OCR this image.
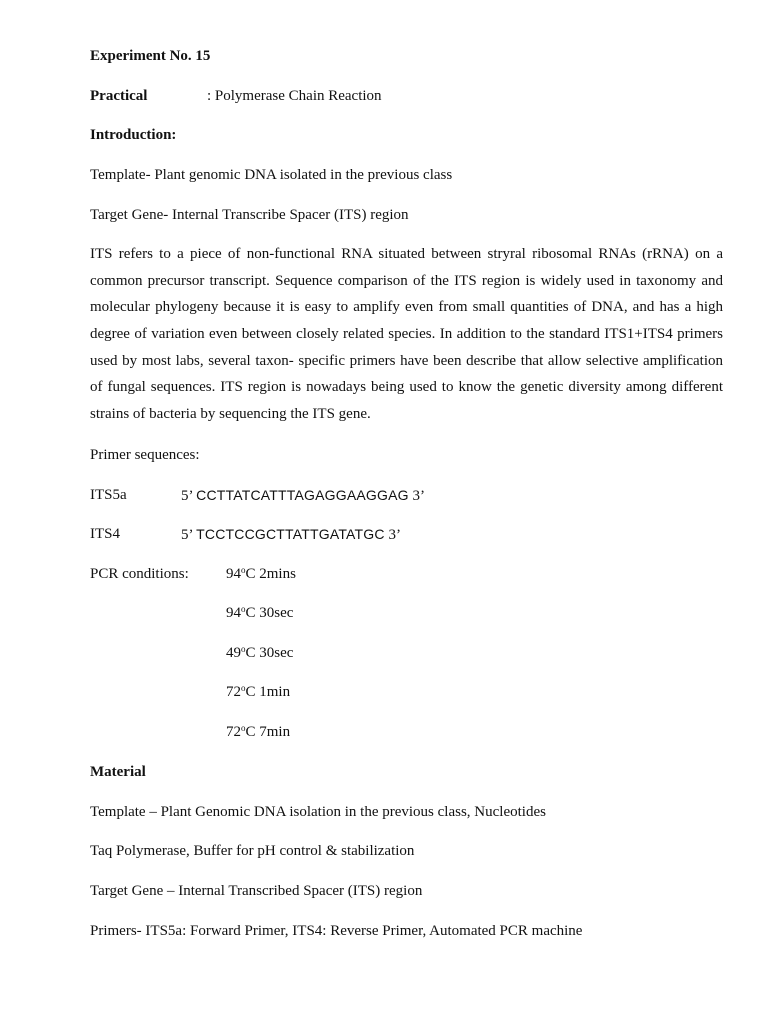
Experiment No. 15
Practical	: Polymerase Chain Reaction
Introduction:
Template- Plant genomic DNA isolated in the previous class
Target Gene- Internal Transcribe Spacer (ITS) region
ITS refers to a piece of non-functional RNA situated between stryral ribosomal RNAs (rRNA) on a
common precursor transcript. Sequence comparison of the ITS region is widely used in taxonomy and
molecular phylogeny because it is easy to amplify even from small quantities of DNA, and has a high
degree of variation even between closely related species. In addition to the standard ITS1+ITS4 primers
used by most labs, several taxon- specific primers have been describe that allow selective amplification
of fungal sequences. ITS region is nowadays being used to know the genetic diversity among different
strains of bacteria by sequencing the ITS gene.
Primer sequences:
ITS5a	5’ CCTTATCATTTAGAGGAAGGAG 3’
ITS4	5’ TCCTCCGCTTATTGATATGC 3’
PCR conditions: 94$^o$C 2mins
94$^o$C 30sec
49$^o$C 30sec
72$^o$C 1min
72$^o$C 7min
Material
Template – Plant Genomic DNA isolation in the previous class, Nucleotides
Taq Polymerase, Buffer for pH control & stabilization
Target Gene – Internal Transcribed Spacer (ITS) region
Primers- ITS5a: Forward Primer, ITS4: Reverse Primer, Automated PCR machine
